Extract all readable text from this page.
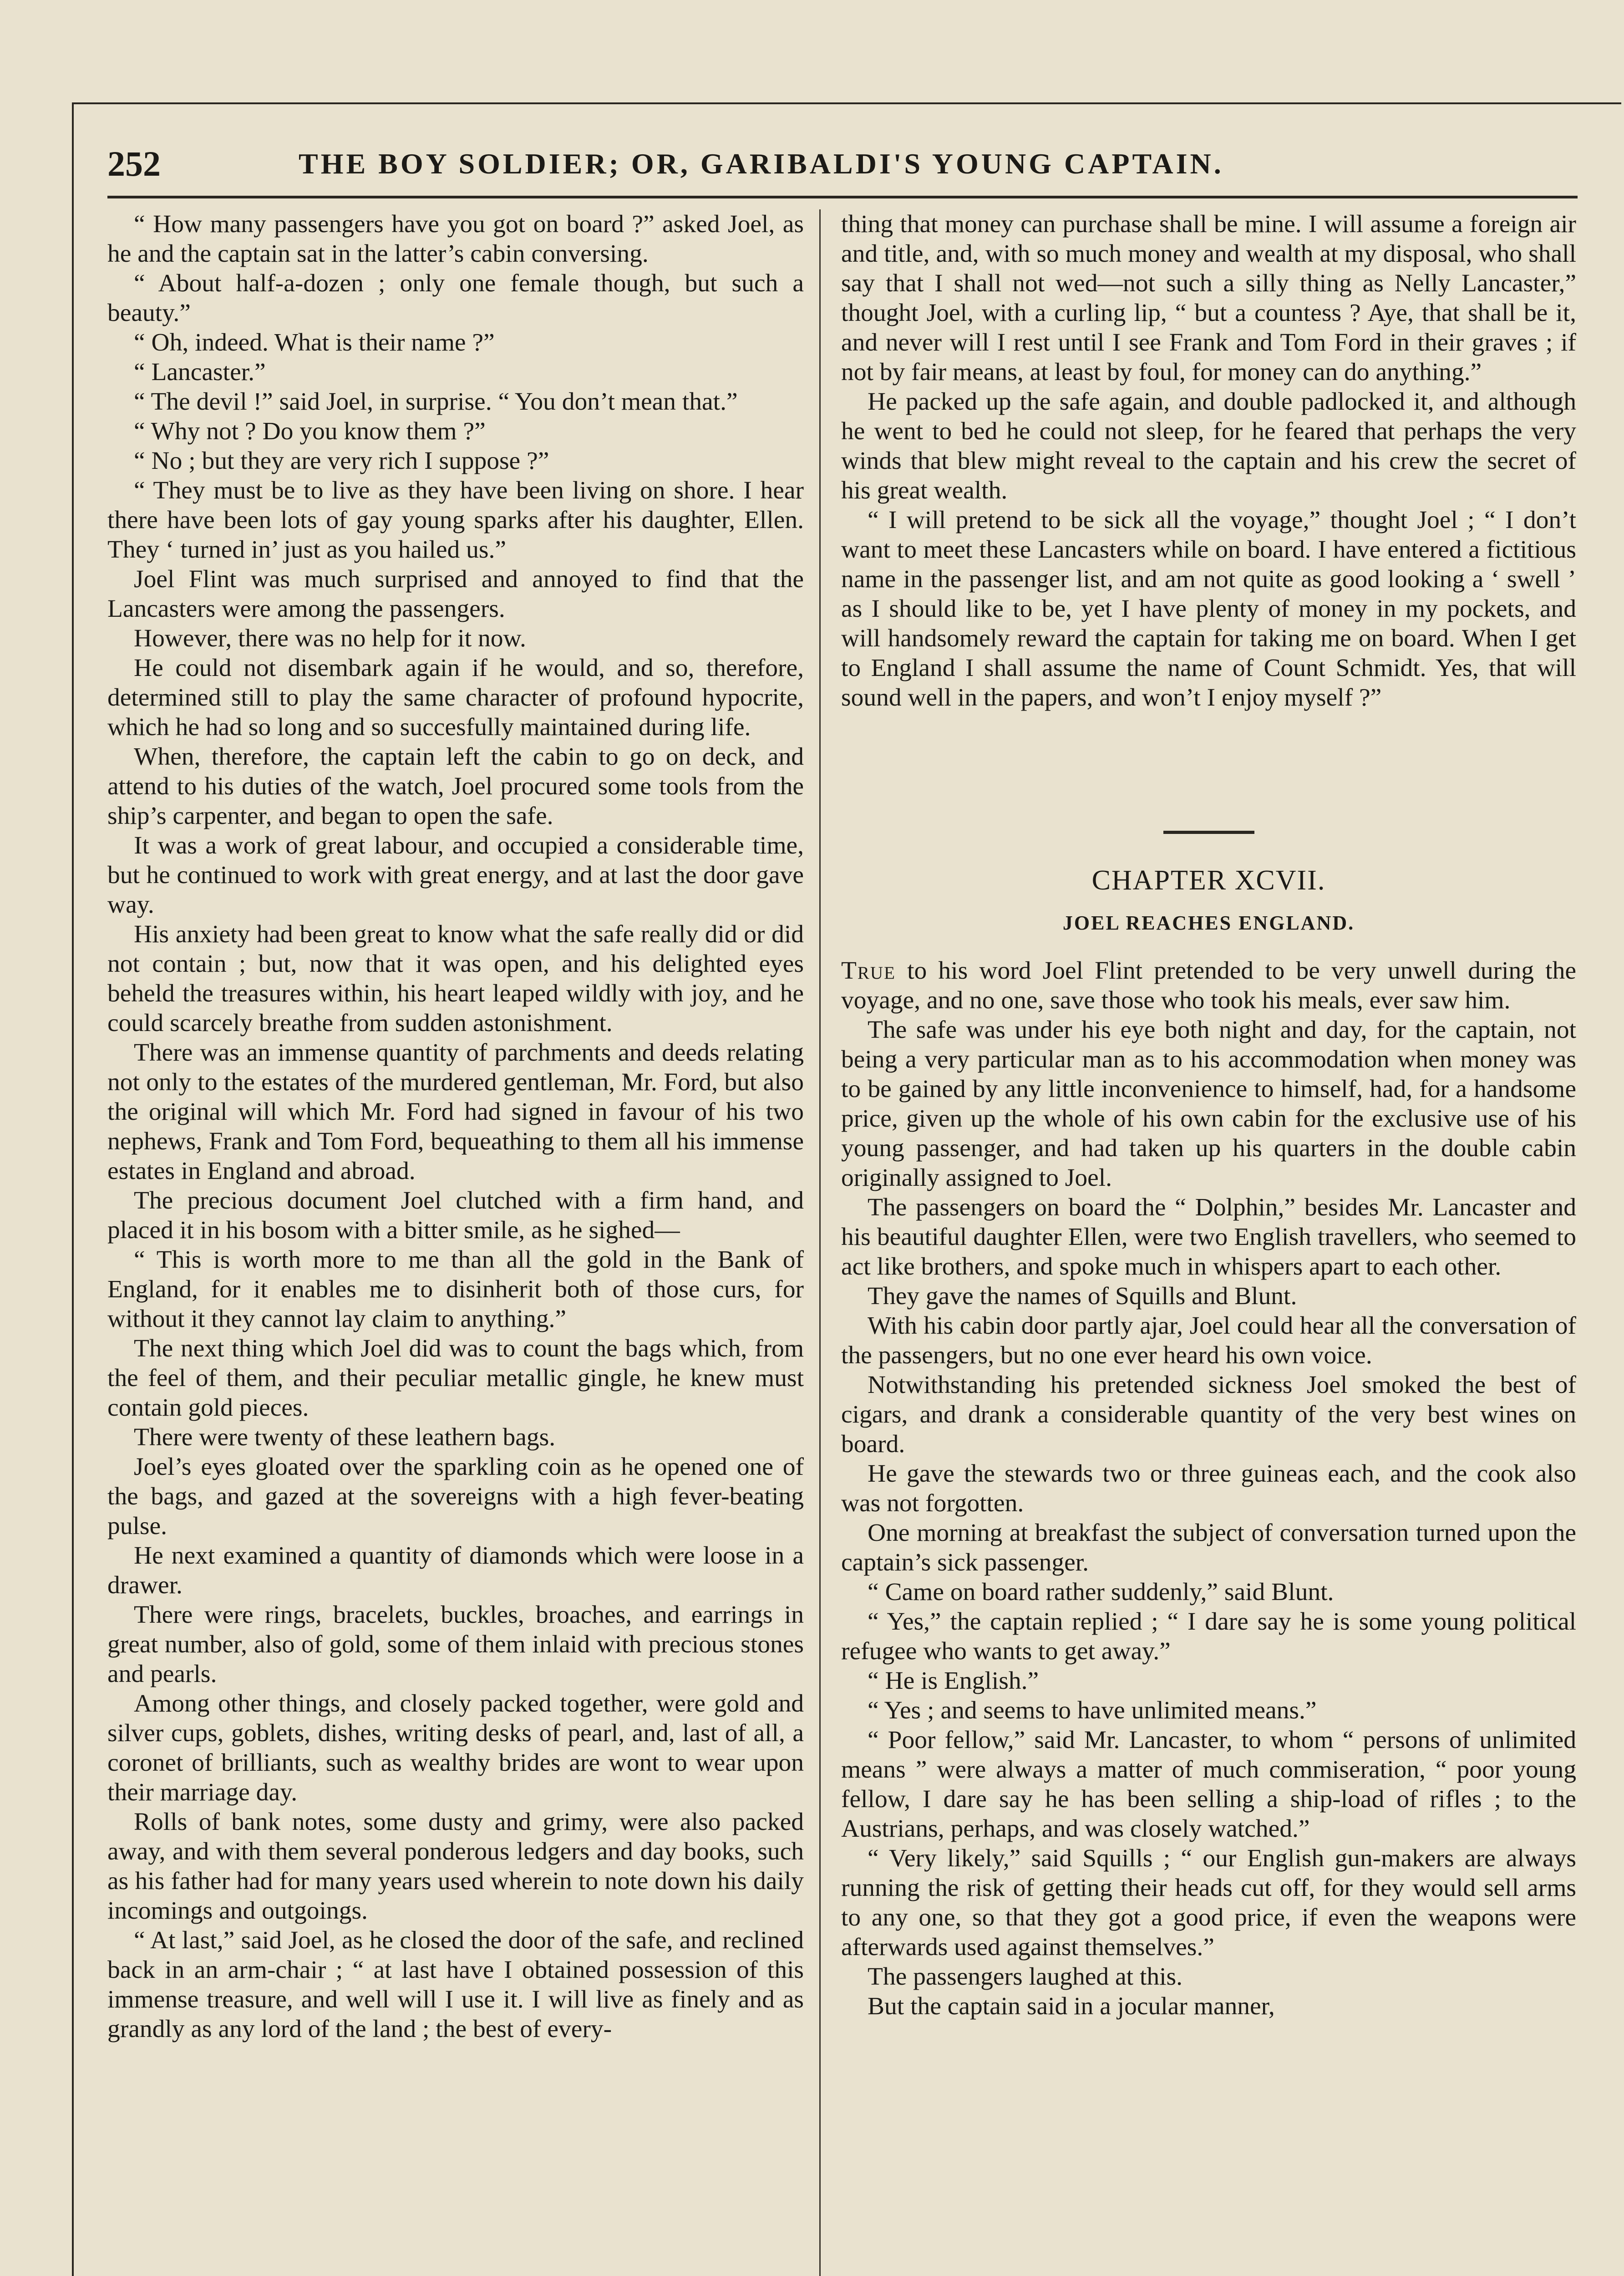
252	THE BOY SOLDIER; OR, GARIBALDI'S YOUNG CAPTAIN.

“ How many passengers have you got on board ?” asked Joel, as he and the captain sat in the latter’s cabin conversing.

“ About half-a-dozen ; only one female though, but such a beauty.”

“ Oh, indeed. What is their name ?”

“ Lancaster.”

“ The devil !” said Joel, in surprise. “ You don’t mean that.”

“ Why not ? Do you know them ?”

“ No ; but they are very rich I suppose ?”

“ They must be to live as they have been living on shore. I hear there have been lots of gay young sparks after his daughter, Ellen. They ‘ turned in’ just as you hailed us.”

Joel Flint was much surprised and annoyed to find that the Lancasters were among the passengers.

However, there was no help for it now.

He could not disembark again if he would, and so, therefore, determined still to play the same character of profound hypocrite, which he had so long and so succesfully maintained during life.

When, therefore, the captain left the cabin to go on deck, and attend to his duties of the watch, Joel procured some tools from the ship’s carpenter, and began to open the safe.

It was a work of great labour, and occupied a considerable time, but he continued to work with great energy, and at last the door gave way.

His anxiety had been great to know what the safe really did or did not contain ; but, now that it was open, and his delighted eyes beheld the treasures within, his heart leaped wildly with joy, and he could scarcely breathe from sudden astonishment.

There was an immense quantity of parchments and deeds relating not only to the estates of the murdered gentleman, Mr. Ford, but also the original will which Mr. Ford had signed in favour of his two nephews, Frank and Tom Ford, bequeathing to them all his immense estates in England and abroad.

The precious document Joel clutched with a firm hand, and placed it in his bosom with a bitter smile, as he sighed—

“ This is worth more to me than all the gold in the Bank of England, for it enables me to disinherit both of those curs, for without it they cannot lay claim to anything.”

The next thing which Joel did was to count the bags which, from the feel of them, and their peculiar metallic gingle, he knew must contain gold pieces.

There were twenty of these leathern bags.

Joel’s eyes gloated over the sparkling coin as he opened one of the bags, and gazed at the sovereigns with a high fever-beating pulse.

He next examined a quantity of diamonds which were loose in a drawer.

There were rings, bracelets, buckles, broaches, and earrings in great number, also of gold, some of them inlaid with precious stones and pearls.

Among other things, and closely packed together, were gold and silver cups, goblets, dishes, writing desks of pearl, and, last of all, a coronet of brilliants, such as wealthy brides are wont to wear upon their marriage day.

Rolls of bank notes, some dusty and grimy, were also packed away, and with them several ponderous ledgers and day books, such as his father had for many years used wherein to note down his daily incomings and outgoings.

“ At last,” said Joel, as he closed the door of the safe, and reclined back in an arm-chair ; “ at last have I obtained possession of this immense treasure, and well will I use it. I will live as finely and as grandly as any lord of the land ; the best of every-

thing that money can purchase shall be mine. I will assume a foreign air and title, and, with so much money and wealth at my disposal, who shall say that I shall not wed—not such a silly thing as Nelly Lancaster,” thought Joel, with a curling lip, “ but a countess ? Aye, that shall be it, and never will I rest until I see Frank and Tom Ford in their graves ; if not by fair means, at least by foul, for money can do anything.”

He packed up the safe again, and double padlocked it, and although he went to bed he could not sleep, for he feared that perhaps the very winds that blew might reveal to the captain and his crew the secret of his great wealth.

“ I will pretend to be sick all the voyage,” thought Joel ; “ I don’t want to meet these Lancasters while on board. I have entered a fictitious name in the passenger list, and am not quite as good looking a ‘ swell ’ as I should like to be, yet I have plenty of money in my pockets, and will handsomely reward the captain for taking me on board. When I get to England I shall assume the name of Count Schmidt. Yes, that will sound well in the papers, and won’t I enjoy myself ?”

CHAPTER XCVII.
JOEL REACHES ENGLAND.

True to his word Joel Flint pretended to be very unwell during the voyage, and no one, save those who took his meals, ever saw him.

The safe was under his eye both night and day, for the captain, not being a very particular man as to his accommodation when money was to be gained by any little inconvenience to himself, had, for a handsome price, given up the whole of his own cabin for the exclusive use of his young passenger, and had taken up his quarters in the double cabin originally assigned to Joel.

The passengers on board the “ Dolphin,” besides Mr. Lancaster and his beautiful daughter Ellen, were two English travellers, who seemed to act like brothers, and spoke much in whispers apart to each other.

They gave the names of Squills and Blunt.

With his cabin door partly ajar, Joel could hear all the conversation of the passengers, but no one ever heard his own voice.

Notwithstanding his pretended sickness Joel smoked the best of cigars, and drank a considerable quantity of the very best wines on board.

He gave the stewards two or three guineas each, and the cook also was not forgotten.

One morning at breakfast the subject of conversation turned upon the captain’s sick passenger.

“ Came on board rather suddenly,” said Blunt.

“ Yes,” the captain replied ; “ I dare say he is some young political refugee who wants to get away.”

“ He is English.”

“ Yes ; and seems to have unlimited means.”

“ Poor fellow,” said Mr. Lancaster, to whom “ persons of unlimited means ” were always a matter of much commiseration, “ poor young fellow, I dare say he has been selling a ship-load of rifles ; to the Austrians, perhaps, and was closely watched.”

“ Very likely,” said Squills ; “ our English gun-makers are always running the risk of getting their heads cut off, for they would sell arms to any one, so that they got a good price, if even the weapons were afterwards used against themselves.”

The passengers laughed at this.

But the captain said in a jocular manner,
